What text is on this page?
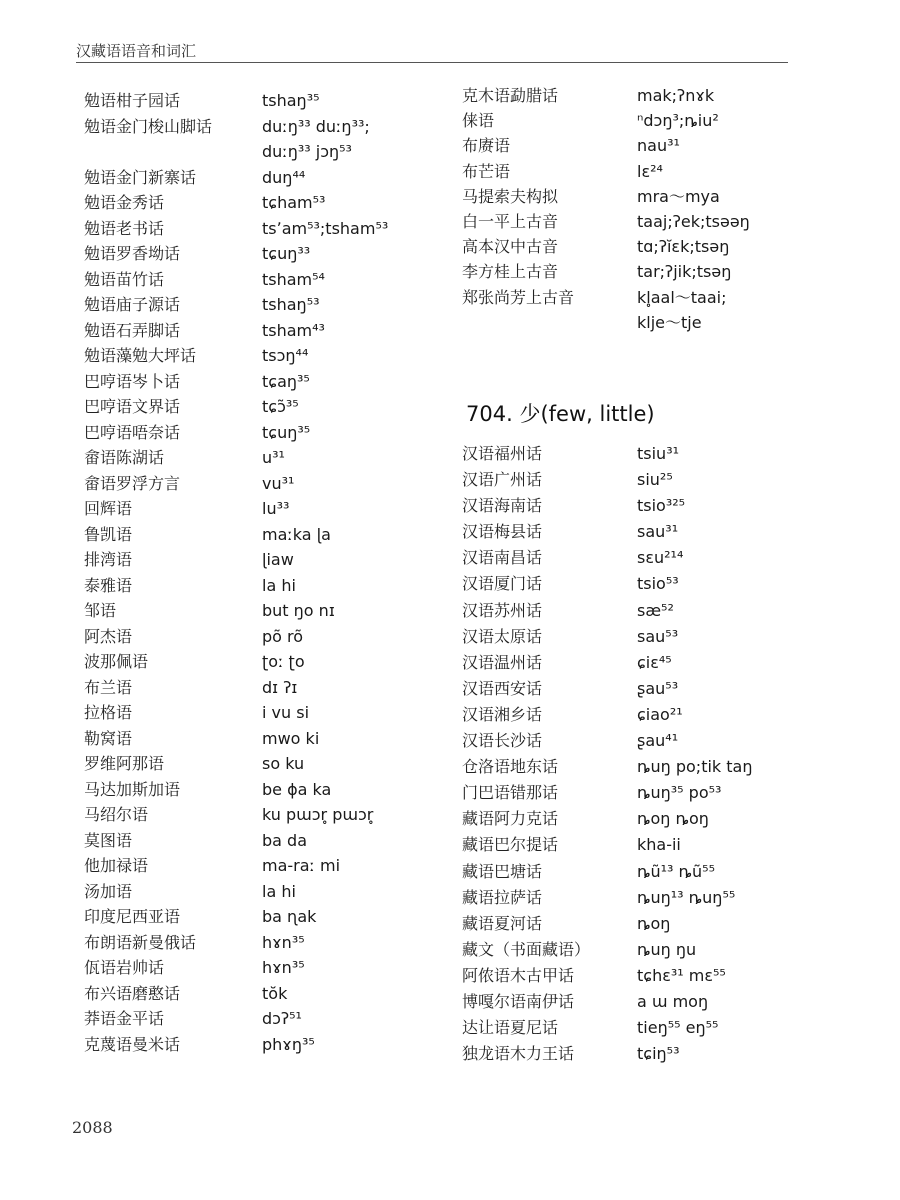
汉藏语语音和词汇
勉语柑子园话	tshaŋ³⁵
勉语金门梭山脚话	duːŋ³³ duːŋ³³;
duːŋ³³ jɔŋ⁵³
勉语金门新寨话	duŋ⁴⁴
勉语金秀话	tɕham⁵³
勉语老书话	tsʼam⁵³;tsham⁵³
勉语罗香坳话	tɕuŋ³³
勉语苗竹话	tsham⁵⁴
勉语庙子源话	tshaŋ⁵³
勉语石弄脚话	tsham⁴³
勉语藻勉大坪话	tsɔŋ⁴⁴
巴哼语岑卜话	tɕaŋ³⁵
巴哼语文界话	tɕɔ̃³⁵
巴哼语唔奈话	tɕuŋ³⁵
畲语陈湖话	u³¹
畲语罗浮方言	vu³¹
回辉语	lu³³
鲁凯语	maːka ɭa
排湾语	ɭiaw
泰雅语	la hi
邹语	but ŋo nɪ
阿杰语	põ rõ
波那佩语	ʈoː ʈo
布兰语	dɪ ʔɪ
拉格语	i vu si
勒窝语	mwo ki
罗维阿那语	so ku
马达加斯加语	be ɸa ka
马绍尔语	ku pɯɔr̥ pɯɔr̥
莫图语	ba da
他加禄语	ma-raː mi
汤加语	la hi
印度尼西亚语	ba ɳak
布朗语新曼俄话	hɤn³⁵
佤语岩帅话	hɤn³⁵
布兴语磨憨话	tŏk
莽语金平话	dɔʔ⁵¹
克蔑语曼米话	phɤŋ³⁵
克木语勐腊话	mak;ʔnɤk
俫语	ⁿdɔŋ³;ȵiu²
布赓语	nau³¹
布芒语	lɛ²⁴
马提索夫构拟	mra～mya
白一平上古音	taaj;ʔek;tsəəŋ
高本汉中古音	tɑ;ʔĭɛk;tsəŋ
李方桂上古音	tar;ʔjik;tsəŋ
郑张尚芳上古音	kl̥aal～taai;
klje～tje
704. 少(few, little)
汉语福州话	tsiu³¹
汉语广州话	siu²⁵
汉语海南话	tsio³²⁵
汉语梅县话	sau³¹
汉语南昌话	sɛu²¹⁴
汉语厦门话	tsio⁵³
汉语苏州话	sæ⁵²
汉语太原话	sau⁵³
汉语温州话	ɕiɛ⁴⁵
汉语西安话	ʂau⁵³
汉语湘乡话	ɕiao²¹
汉语长沙话	ʂau⁴¹
仓洛语地东话	ȵuŋ po;tik taŋ
门巴语错那话	ȵuŋ³⁵ po⁵³
藏语阿力克话	ȵoŋ ȵoŋ
藏语巴尔提话	kha-ii
藏语巴塘话	ȵũ¹³ ȵũ⁵⁵
藏语拉萨话	ȵuŋ¹³ ȵuŋ⁵⁵
藏语夏河话	ȵoŋ
藏文（书面藏语）	ȵuŋ ŋu
阿侬语木古甲话	tɕhɛ³¹ mɛ⁵⁵
博嘎尔语南伊话	a ɯ moŋ
达让语夏尼话	tieŋ⁵⁵ eŋ⁵⁵
独龙语木力王话	tɕiŋ⁵³
2088
